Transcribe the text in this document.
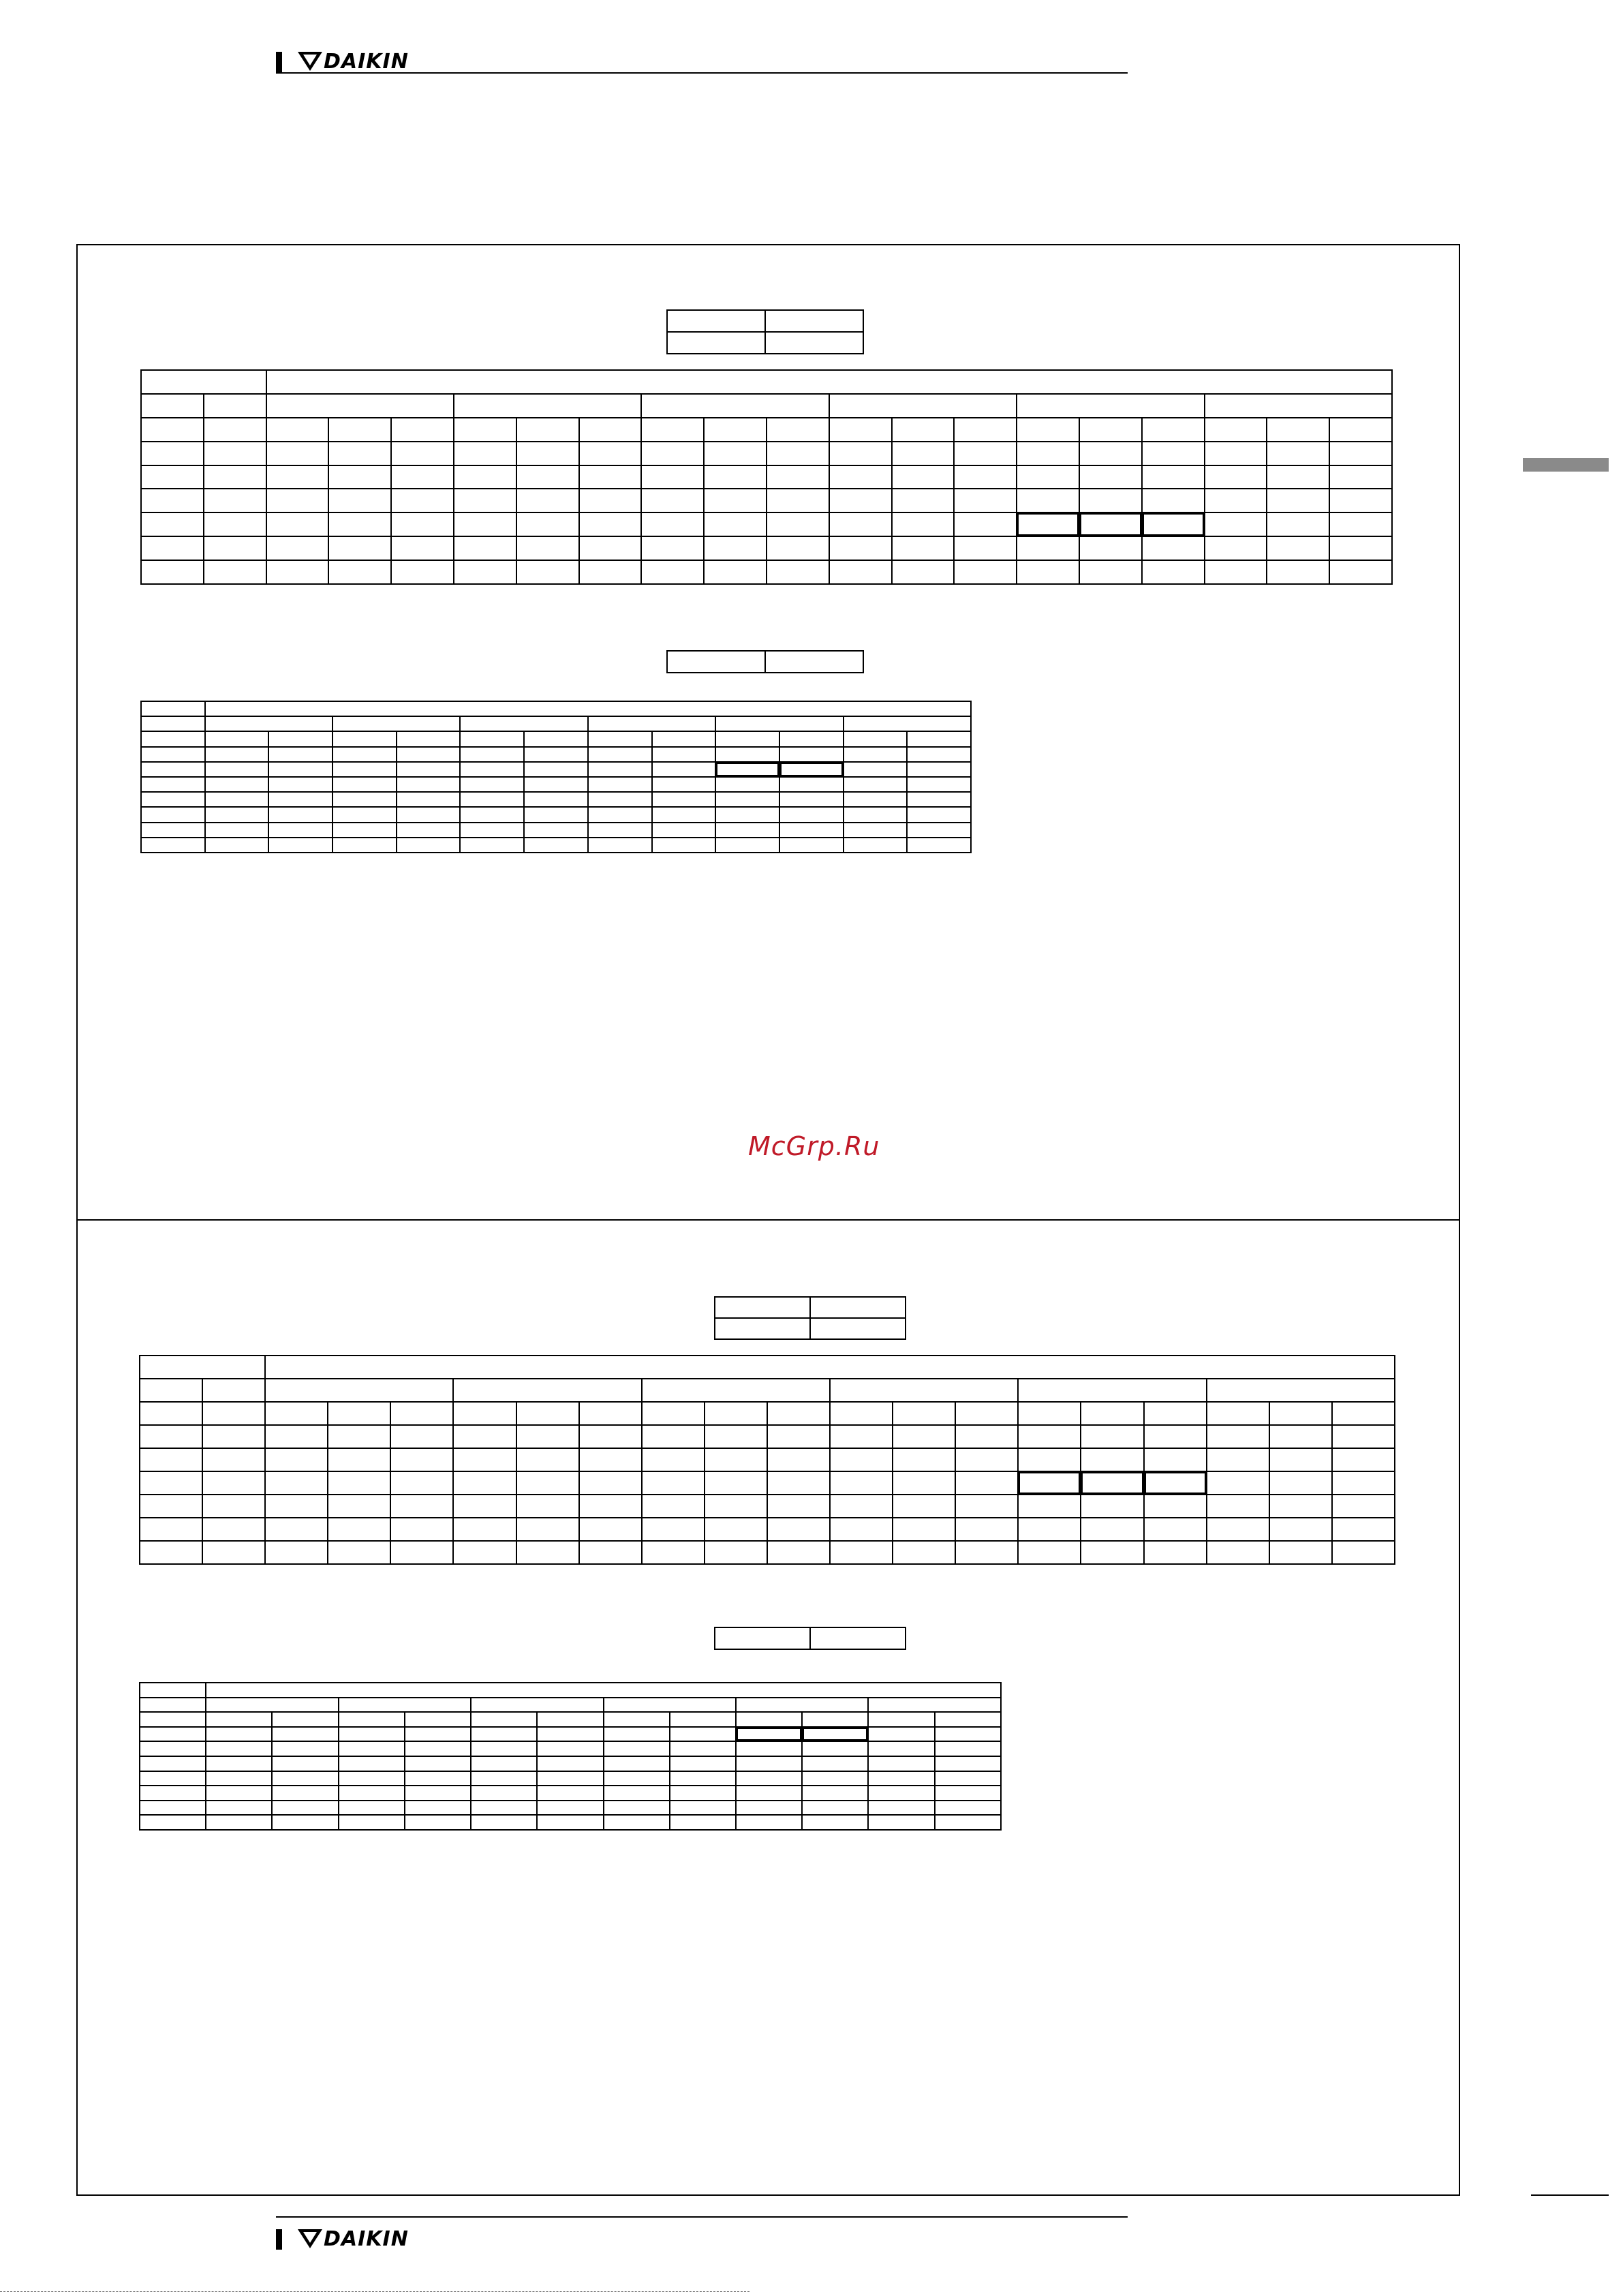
DAIKIN

McGrp.Ru

DAIKIN
